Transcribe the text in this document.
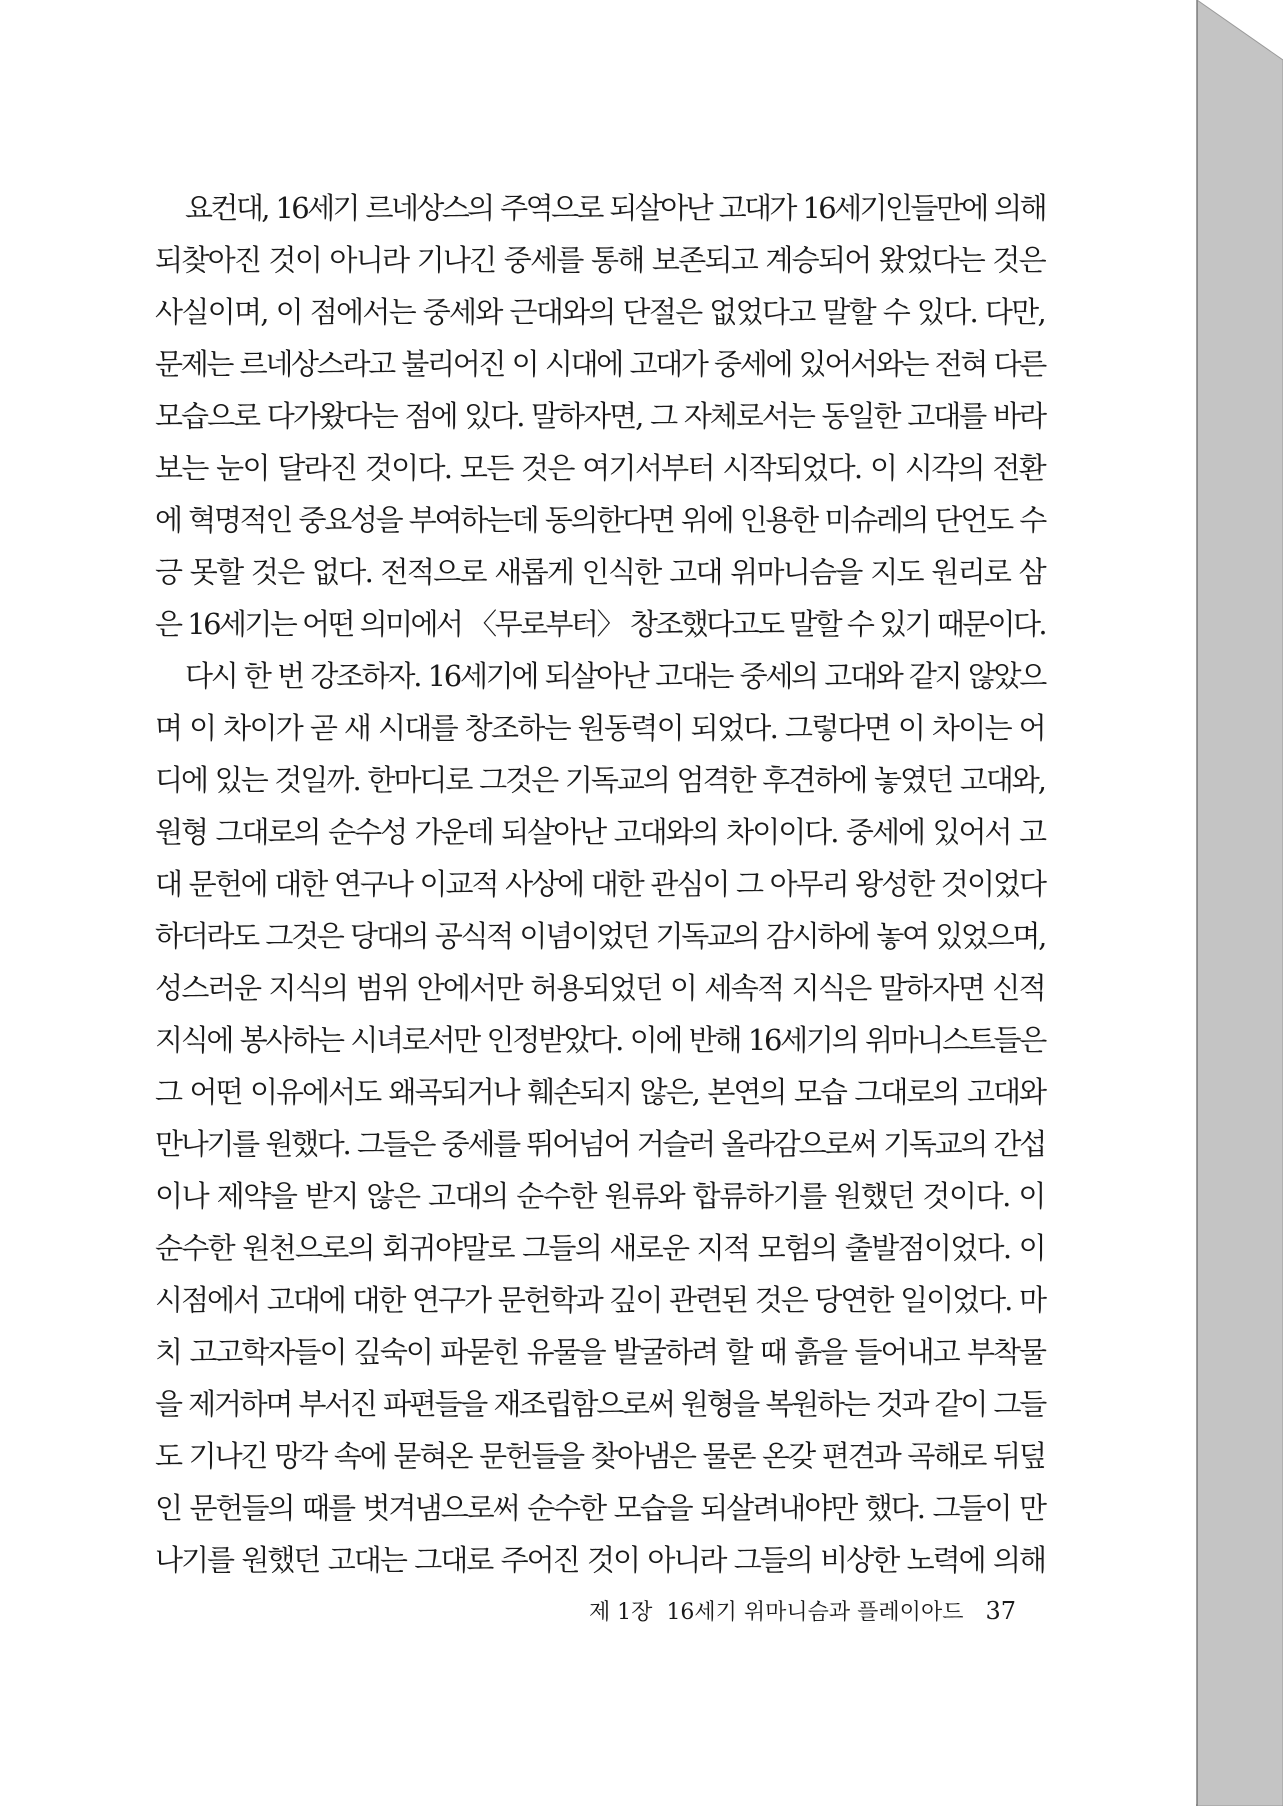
요컨대, 16세기 르네상스의 주역으로 되살아난 고대가 16세기인들만에 의해
되찾아진 것이 아니라 기나긴 중세를 통해 보존되고 계승되어 왔었다는 것은
사실이며, 이 점에서는 중세와 근대와의 단절은 없었다고 말할 수 있다. 다만,
문제는 르네상스라고 불리어진 이 시대에 고대가 중세에 있어서와는 전혀 다른
모습으로 다가왔다는 점에 있다. 말하자면, 그 자체로서는 동일한 고대를 바라
보는 눈이 달라진 것이다. 모든 것은 여기서부터 시작되었다. 이 시각의 전환
에 혁명적인 중요성을 부여하는데 동의한다면 위에 인용한 미슈레의 단언도 수
긍 못할 것은 없다. 전적으로 새롭게 인식한 고대 위마니슴을 지도 원리로 삼
은 16세기는 어떤 의미에서 〈무로부터〉 창조했다고도 말할 수 있기 때문이다.
다시 한 번 강조하자. 16세기에 되살아난 고대는 중세의 고대와 같지 않았으
며 이 차이가 곧 새 시대를 창조하는 원동력이 되었다. 그렇다면 이 차이는 어
디에 있는 것일까. 한마디로 그것은 기독교의 엄격한 후견하에 놓였던 고대와,
원형 그대로의 순수성 가운데 되살아난 고대와의 차이이다. 중세에 있어서 고
대 문헌에 대한 연구나 이교적 사상에 대한 관심이 그 아무리 왕성한 것이었다
하더라도 그것은 당대의 공식적 이념이었던 기독교의 감시하에 놓여 있었으며,
성스러운 지식의 범위 안에서만 허용되었던 이 세속적 지식은 말하자면 신적
지식에 봉사하는 시녀로서만 인정받았다. 이에 반해 16세기의 위마니스트들은
그 어떤 이유에서도 왜곡되거나 훼손되지 않은, 본연의 모습 그대로의 고대와
만나기를 원했다. 그들은 중세를 뛰어넘어 거슬러 올라감으로써 기독교의 간섭
이나 제약을 받지 않은 고대의 순수한 원류와 합류하기를 원했던 것이다. 이
순수한 원천으로의 회귀야말로 그들의 새로운 지적 모험의 출발점이었다. 이
시점에서 고대에 대한 연구가 문헌학과 깊이 관련된 것은 당연한 일이었다. 마
치 고고학자들이 깊숙이 파묻힌 유물을 발굴하려 할 때 흙을 들어내고 부착물
을 제거하며 부서진 파편들을 재조립함으로써 원형을 복원하는 것과 같이 그들
도 기나긴 망각 속에 묻혀온 문헌들을 찾아냄은 물론 온갖 편견과 곡해로 뒤덮
인 문헌들의 때를 벗겨냄으로써 순수한 모습을 되살려내야만 했다. 그들이 만
나기를 원했던 고대는 그대로 주어진 것이 아니라 그들의 비상한 노력에 의해
제 1장 16세기 위마니슴과 플레이아드 37
